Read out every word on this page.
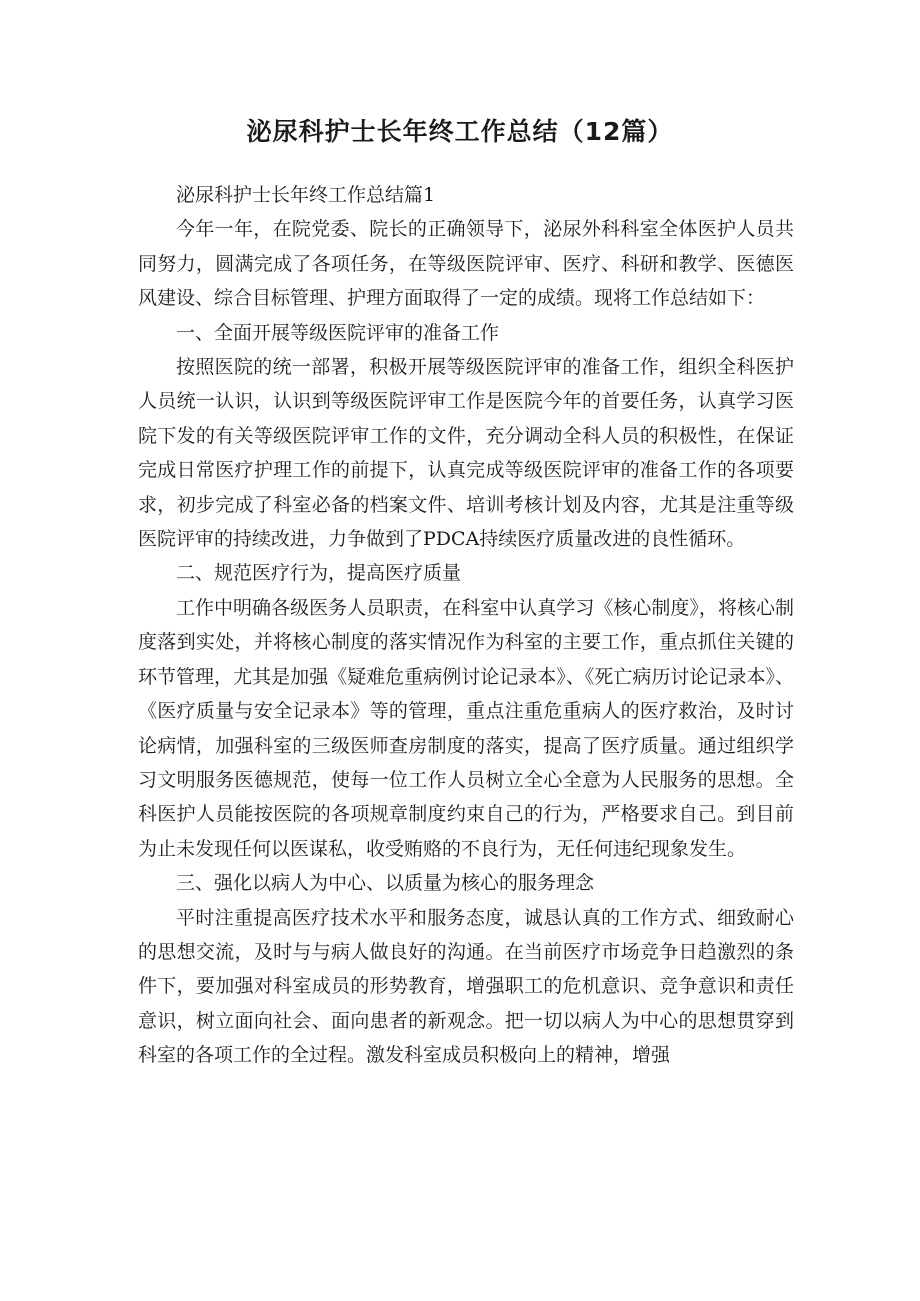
泌尿科护士长年终工作总结（12篇）

泌尿科护士长年终工作总结篇1

今年一年，在院党委、院长的正确领导下，泌尿外科科室全体医护人员共同努力，圆满完成了各项任务，在等级医院评审、医疗、科研和教学、医德医风建设、综合目标管理、护理方面取得了一定的成绩。现将工作总结如下：

一、全面开展等级医院评审的准备工作

按照医院的统一部署，积极开展等级医院评审的准备工作，组织全科医护人员统一认识，认识到等级医院评审工作是医院今年的首要任务，认真学习医院下发的有关等级医院评审工作的文件，充分调动全科人员的积极性，在保证完成日常医疗护理工作的前提下，认真完成等级医院评审的准备工作的各项要求，初步完成了科室必备的档案文件、培训考核计划及内容，尤其是注重等级医院评审的持续改进，力争做到了PDCA持续医疗质量改进的良性循环。

二、规范医疗行为，提高医疗质量

工作中明确各级医务人员职责，在科室中认真学习《核心制度》，将核心制度落到实处，并将核心制度的落实情况作为科室的主要工作，重点抓住关键的环节管理，尤其是加强《疑难危重病例讨论记录本》、《死亡病历讨论记录本》、《医疗质量与安全记录本》等的管理，重点注重危重病人的医疗救治，及时讨论病情，加强科室的三级医师查房制度的落实，提高了医疗质量。通过组织学习文明服务医德规范，使每一位工作人员树立全心全意为人民服务的思想。全科医护人员能按医院的各项规章制度约束自己的行为，严格要求自己。到目前为止未发现任何以医谋私，收受贿赂的不良行为，无任何违纪现象发生。

三、强化以病人为中心、以质量为核心的服务理念

平时注重提高医疗技术水平和服务态度，诚恳认真的工作方式、细致耐心的思想交流，及时与与病人做良好的沟通。在当前医疗市场竞争日趋激烈的条件下，要加强对科室成员的形势教育，增强职工的危机意识、竞争意识和责任意识，树立面向社会、面向患者的新观念。把一切以病人为中心的思想贯穿到科室的各项工作的全过程。激发科室成员积极向上的精神，增强
